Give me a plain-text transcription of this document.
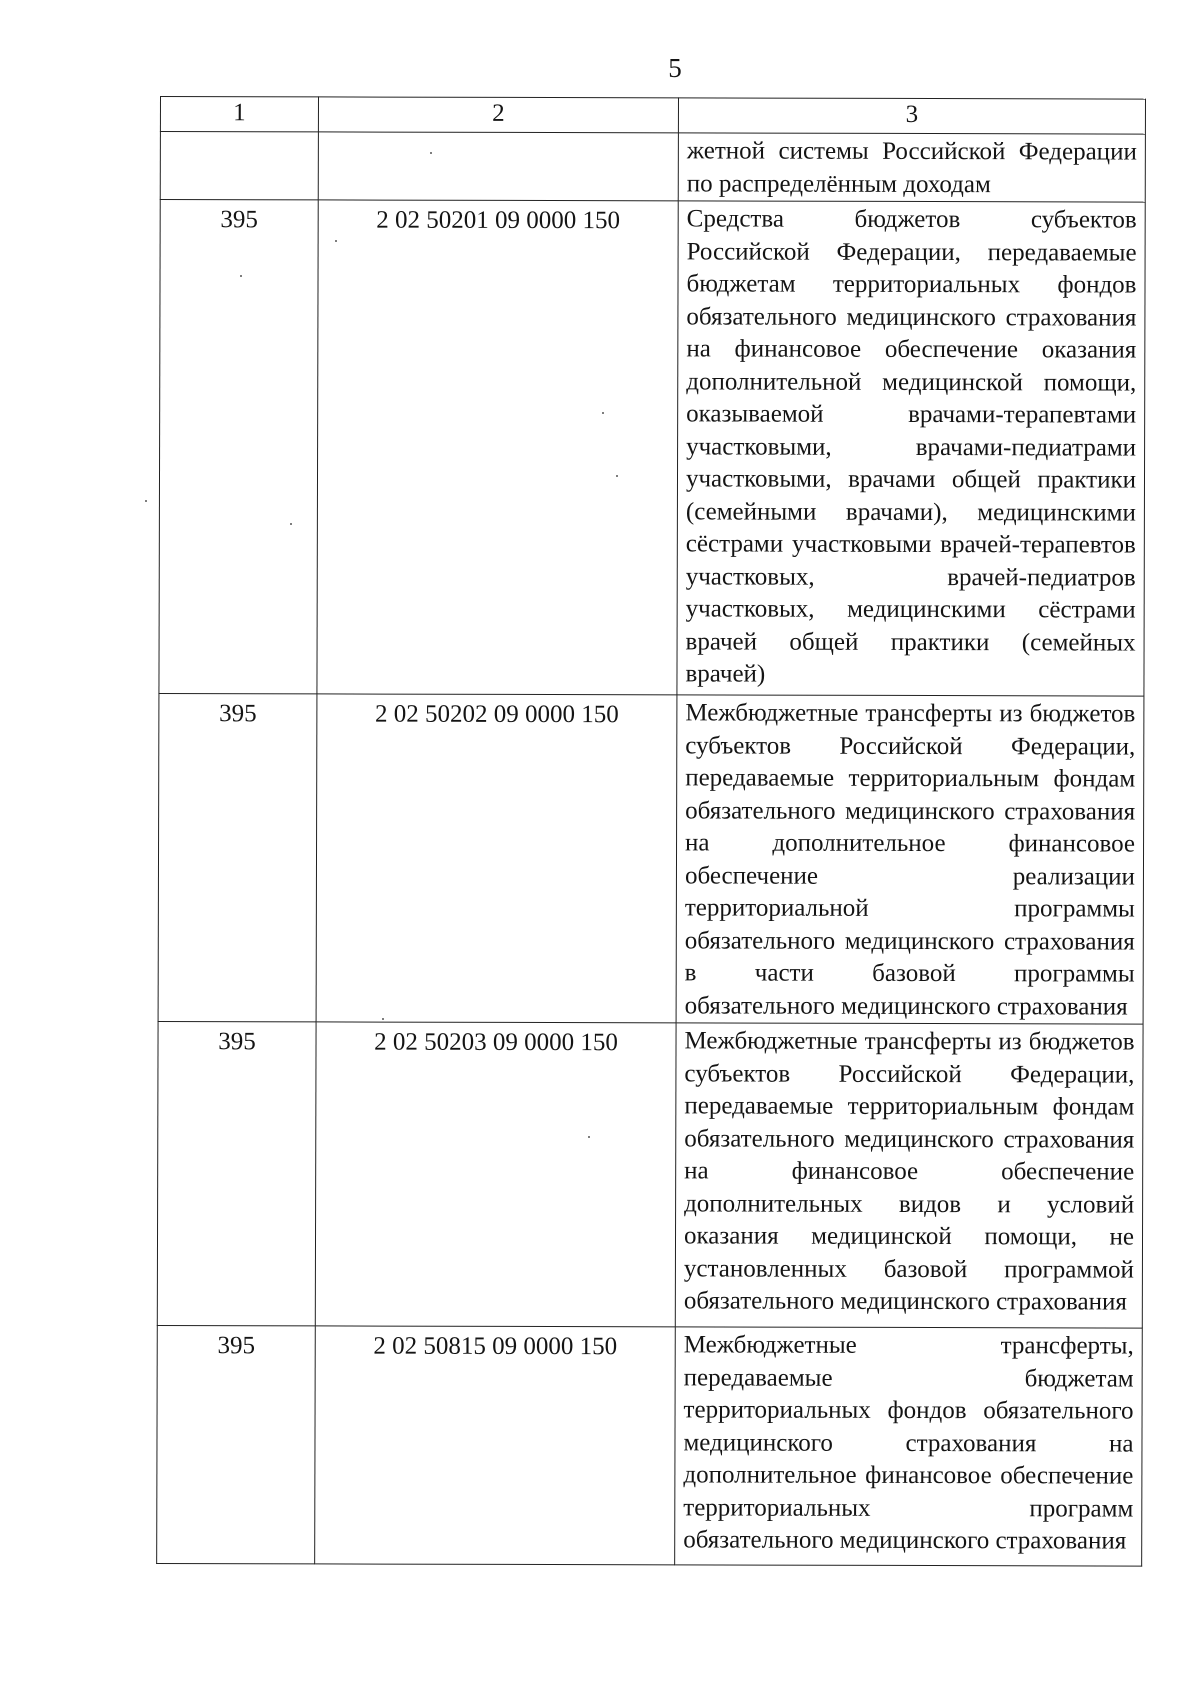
5
1	2	3
		жетной системы Российской Федерации по распределённым доходам
395	2 02 50201 09 0000 150	Средства бюджетов субъектов Российской Федерации, передаваемые бюджетам территориальных фондов обязательного медицинского страхования на финансовое обеспечение оказания дополнительной медицинской помощи, оказываемой врачами-терапевтами участковыми, врачами-педиатрами участковыми, врачами общей практики (семейными врачами), медицинскими сёстрами участковыми врачей-терапевтов участковых, врачей-педиатров участковых, медицинскими сёстрами врачей общей практики (семейных врачей)
395	2 02 50202 09 0000 150	Межбюджетные трансферты из бюджетов субъектов Российской Федерации, передаваемые территориальным фондам обязательного медицинского страхования на дополнительное финансовое обеспечение реализации территориальной программы обязательного медицинского страхования в части базовой программы обязательного медицинского страхования
395	2 02 50203 09 0000 150	Межбюджетные трансферты из бюджетов субъектов Российской Федерации, передаваемые территориальным фондам обязательного медицинского страхования на финансовое обеспечение дополнительных видов и условий оказания медицинской помощи, не установленных базовой программой обязательного медицинского страхования
395	2 02 50815 09 0000 150	Межбюджетные трансферты, передаваемые бюджетам территориальных фондов обязательного медицинского страхования на дополнительное финансовое обеспечение территориальных программ обязательного медицинского страхования
